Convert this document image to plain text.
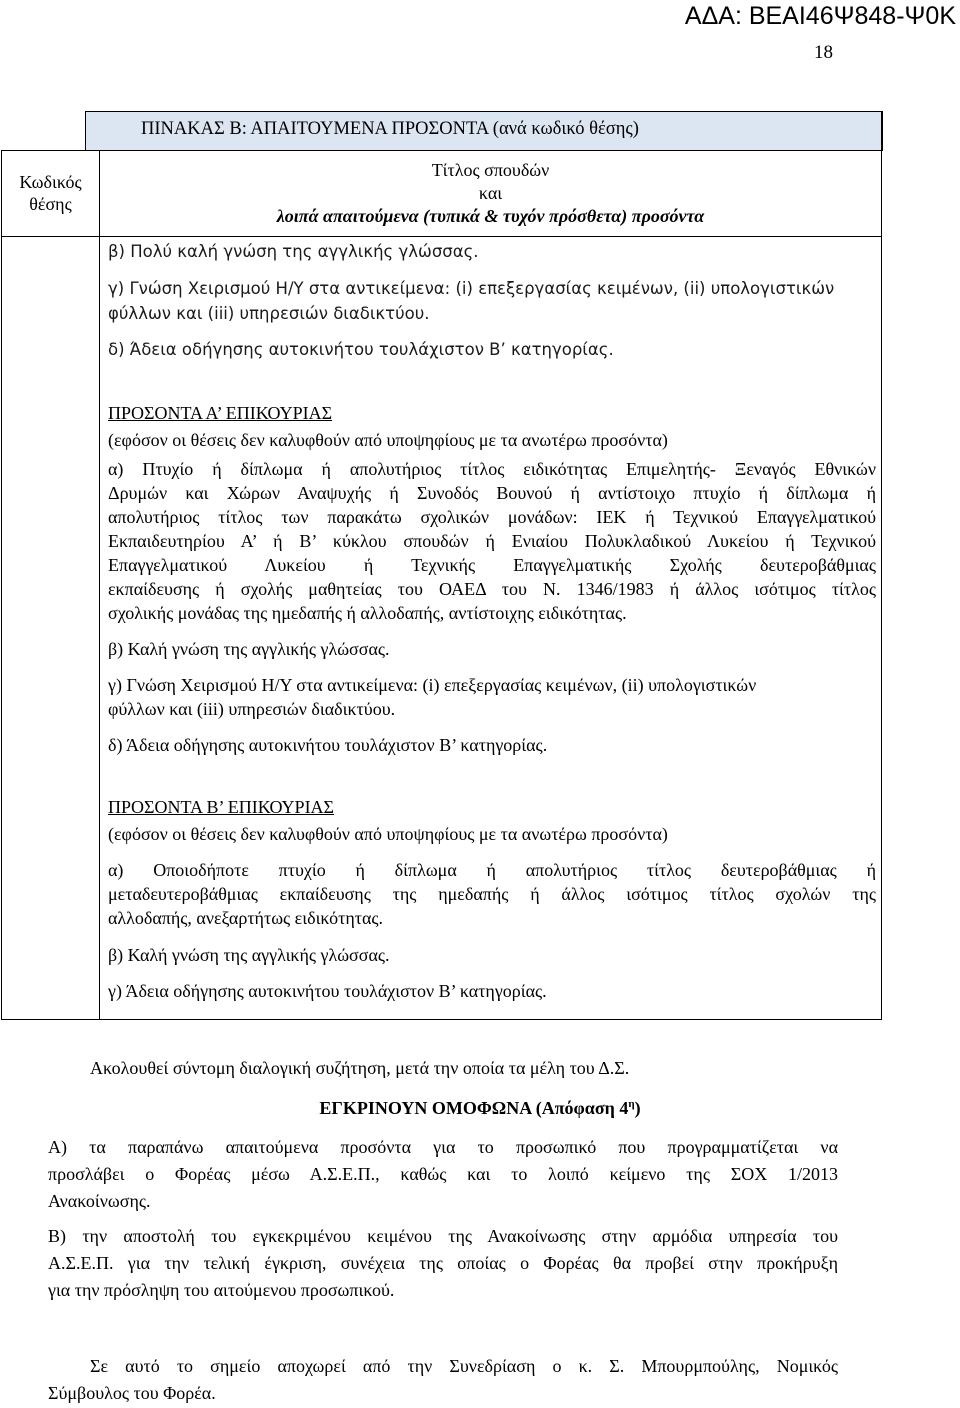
ΑΔΑ: ΒΕΑΙ46Ψ848-Ψ0Κ
18
ΠΙΝΑΚΑΣ Β: ΑΠΑΙΤΟΥΜΕΝΑ ΠΡΟΣΟΝΤΑ (ανά κωδικό θέσης)
Κωδικός
θέσης
Τίτλος σπουδών
και
λοιπά απαιτούμενα (τυπικά & τυχόν πρόσθετα) προσόντα
β) Πολύ καλή γνώση της αγγλικής γλώσσας.
γ) Γνώση Χειρισμού Η/Υ στα αντικείμενα: (i) επεξεργασίας κειμένων, (ii) υπολογιστικών
φύλλων και (iii) υπηρεσιών διαδικτύου.
δ) Άδεια οδήγησης αυτοκινήτου τουλάχιστον Β’ κατηγορίας.
ΠΡΟΣΟΝΤΑ Α’ ΕΠΙΚΟΥΡΙΑΣ
(εφόσον οι θέσεις δεν καλυφθούν από υποψηφίους με τα ανωτέρω προσόντα)
α) Πτυχίο ή δίπλωμα ή απολυτήριος τίτλος ειδικότητας Επιμελητής- Ξεναγός Εθνικών
Δρυμών και Χώρων Αναψυχής ή Συνοδός Βουνού ή αντίστοιχο πτυχίο ή δίπλωμα ή
απολυτήριος τίτλος των παρακάτω σχολικών μονάδων: ΙΕΚ ή Τεχνικού Επαγγελματικού
Εκπαιδευτηρίου Α’ ή Β’ κύκλου σπουδών ή Ενιαίου Πολυκλαδικού Λυκείου ή Τεχνικού
Επαγγελματικού Λυκείου ή Τεχνικής Επαγγελματικής Σχολής δευτεροβάθμιας
εκπαίδευσης ή σχολής μαθητείας του ΟΑΕΔ του Ν. 1346/1983 ή άλλος ισότιμος τίτλος
σχολικής μονάδας της ημεδαπής ή αλλοδαπής, αντίστοιχης ειδικότητας.
β) Καλή γνώση της αγγλικής γλώσσας.
γ) Γνώση Χειρισμού Η/Υ στα αντικείμενα: (i) επεξεργασίας κειμένων, (ii) υπολογιστικών
φύλλων και (iii) υπηρεσιών διαδικτύου.
δ) Άδεια οδήγησης αυτοκινήτου τουλάχιστον Β’ κατηγορίας.
ΠΡΟΣΟΝΤΑ Β’ ΕΠΙΚΟΥΡΙΑΣ
(εφόσον οι θέσεις δεν καλυφθούν από υποψηφίους με τα ανωτέρω προσόντα)
α) Οποιοδήποτε πτυχίο ή δίπλωμα ή απολυτήριος τίτλος δευτεροβάθμιας ή
μεταδευτεροβάθμιας εκπαίδευσης της ημεδαπής ή άλλος ισότιμος τίτλος σχολών της
αλλοδαπής, ανεξαρτήτως ειδικότητας.
β) Καλή γνώση της αγγλικής γλώσσας.
γ) Άδεια οδήγησης αυτοκινήτου τουλάχιστον Β’ κατηγορίας.
Ακολουθεί σύντομη διαλογική συζήτηση, μετά την οποία τα μέλη του Δ.Σ.
ΕΓΚΡΙΝΟΥΝ ΟΜΟΦΩΝΑ (Απόφαση $4^\eta$)
Α) τα παραπάνω απαιτούμενα προσόντα για το προσωπικό που προγραμματίζεται να
προσλάβει ο Φορέας μέσω Α.Σ.Ε.Π., καθώς και το λοιπό κείμενο της ΣΟΧ 1/2013
Ανακοίνωσης.
Β) την αποστολή του εγκεκριμένου κειμένου της Ανακοίνωσης στην αρμόδια υπηρεσία του
Α.Σ.Ε.Π. για την τελική έγκριση, συνέχεια της οποίας ο Φορέας θα προβεί στην προκήρυξη
για την πρόσληψη του αιτούμενου προσωπικού.
Σε αυτό το σημείο αποχωρεί από την Συνεδρίαση ο κ. Σ. Μπουρμπούλης, Νομικός
Σύμβουλος του Φορέα.
